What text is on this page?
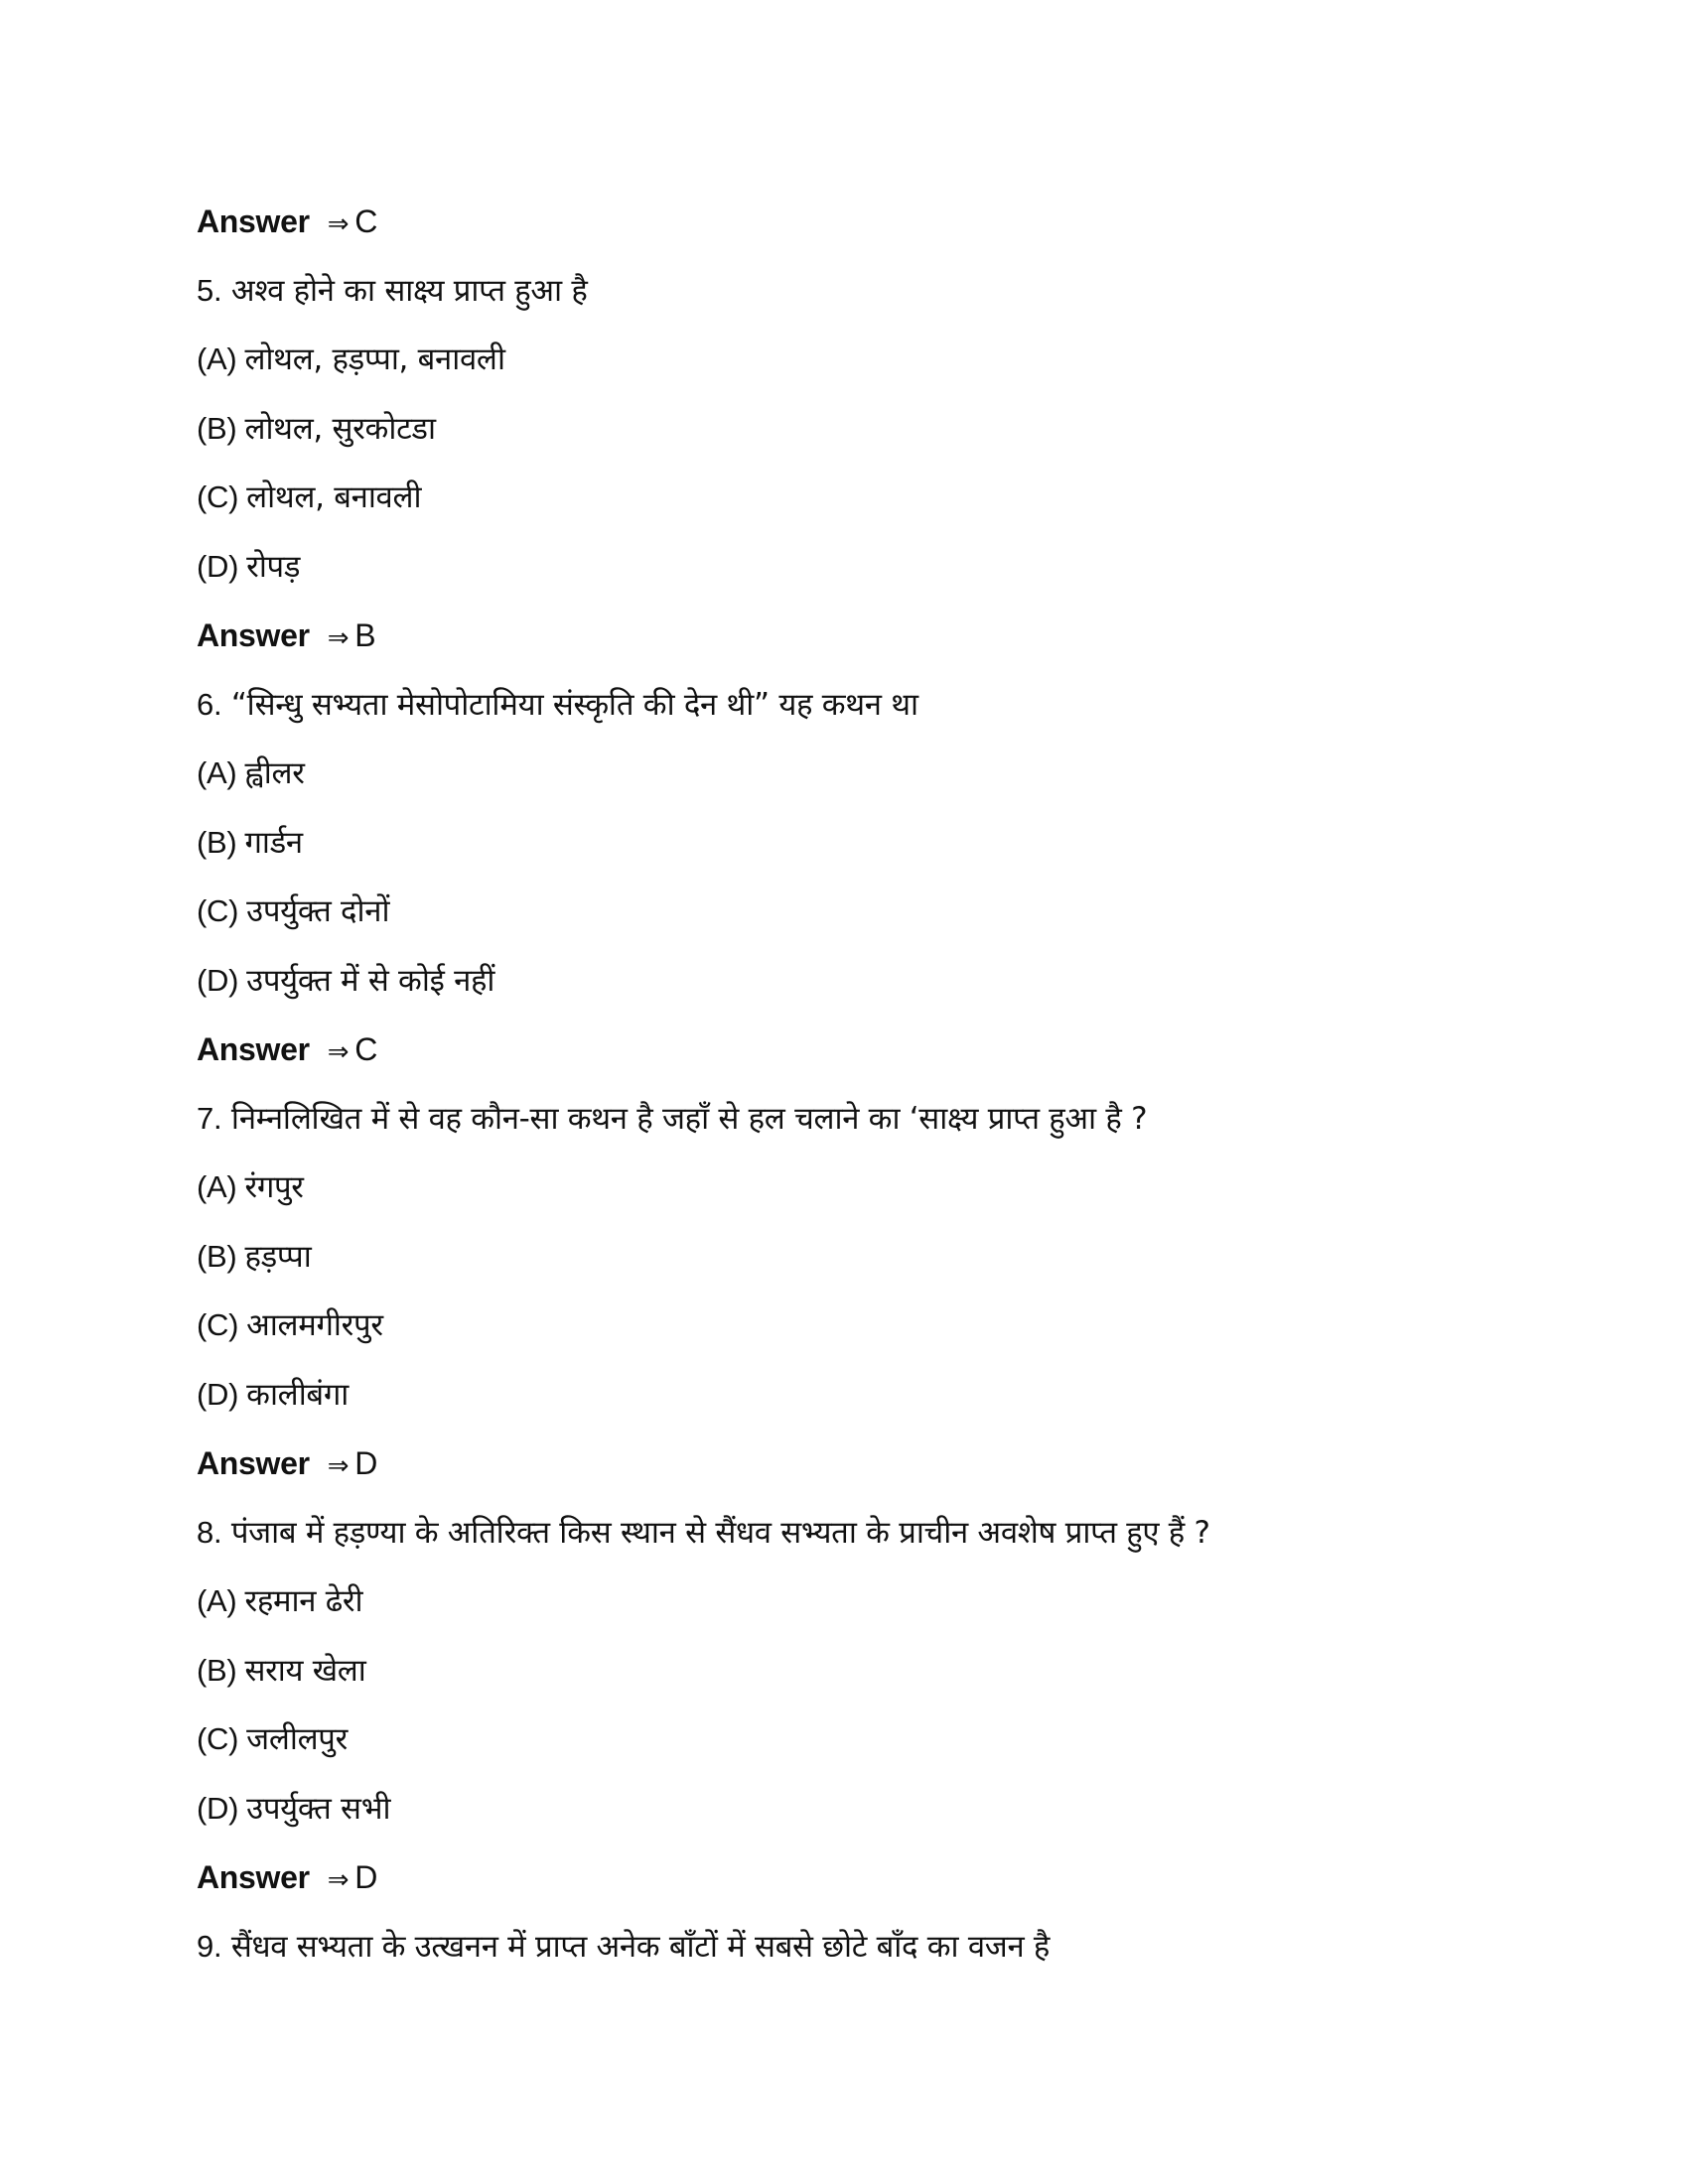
Answer ⇒ C
5. अश्व होने का साक्ष्य प्राप्त हुआ है
(A) लोथल, हड़प्पा, बनावली
(B) लोथल, सुरकोटडा
(C) लोथल, बनावली
(D) रोपड़
Answer ⇒ B
6. “सिन्धु सभ्यता मेसोपोटामिया संस्कृति की देन थी” यह कथन था
(A) ह्वीलर
(B) गार्डन
(C) उपर्युक्त दोनों
(D) उपर्युक्त में से कोई नहीं
Answer ⇒ C
7. निम्नलिखित में से वह कौन-सा कथन है जहाँ से हल चलाने का ‘साक्ष्य प्राप्त हुआ है ?
(A) रंगपुर
(B) हड़प्पा
(C) आलमगीरपुर
(D) कालीबंगा
Answer ⇒ D
8. पंजाब में हड़ण्या के अतिरिक्त किस स्थान से सैंधव सभ्यता के प्राचीन अवशेष प्राप्त हुए हैं ?
(A) रहमान ढेरी
(B) सराय खेला
(C) जलीलपुर
(D) उपर्युक्त सभी
Answer ⇒ D
9. सैंधव सभ्यता के उत्खनन में प्राप्त अनेक बाँटों में सबसे छोटे बाँद का वजन है
